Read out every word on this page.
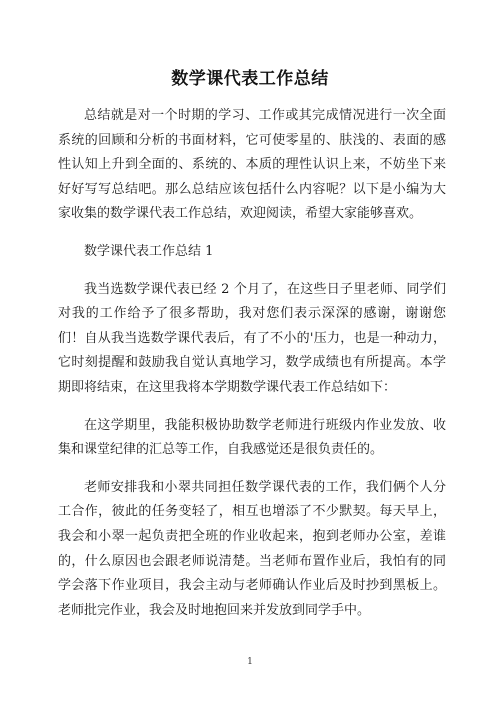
数学课代表工作总结

总结就是对一个时期的学习、工作或其完成情况进行一次全面系统的回顾和分析的书面材料，它可使零星的、肤浅的、表面的感性认知上升到全面的、系统的、本质的理性认识上来，不妨坐下来好好写写总结吧。那么总结应该包括什么内容呢？以下是小编为大家收集的数学课代表工作总结，欢迎阅读，希望大家能够喜欢。

数学课代表工作总结 1

我当选数学课代表已经 2 个月了，在这些日子里老师、同学们对我的工作给予了很多帮助，我对您们表示深深的感谢，谢谢您们！自从我当选数学课代表后，有了不小的'压力，也是一种动力，它时刻提醒和鼓励我自觉认真地学习，数学成绩也有所提高。本学期即将结束，在这里我将本学期数学课代表工作总结如下：

在这学期里，我能积极协助数学老师进行班级内作业发放、收集和课堂纪律的汇总等工作，自我感觉还是很负责任的。

老师安排我和小翠共同担任数学课代表的工作，我们俩个人分工合作，彼此的任务变轻了，相互也增添了不少默契。每天早上，我会和小翠一起负责把全班的作业收起来，抱到老师办公室，差谁的，什么原因也会跟老师说清楚。当老师布置作业后，我怕有的同学会落下作业项目，我会主动与老师确认作业后及时抄到黑板上。老师批完作业，我会及时地抱回来并发放到同学手中。

1
